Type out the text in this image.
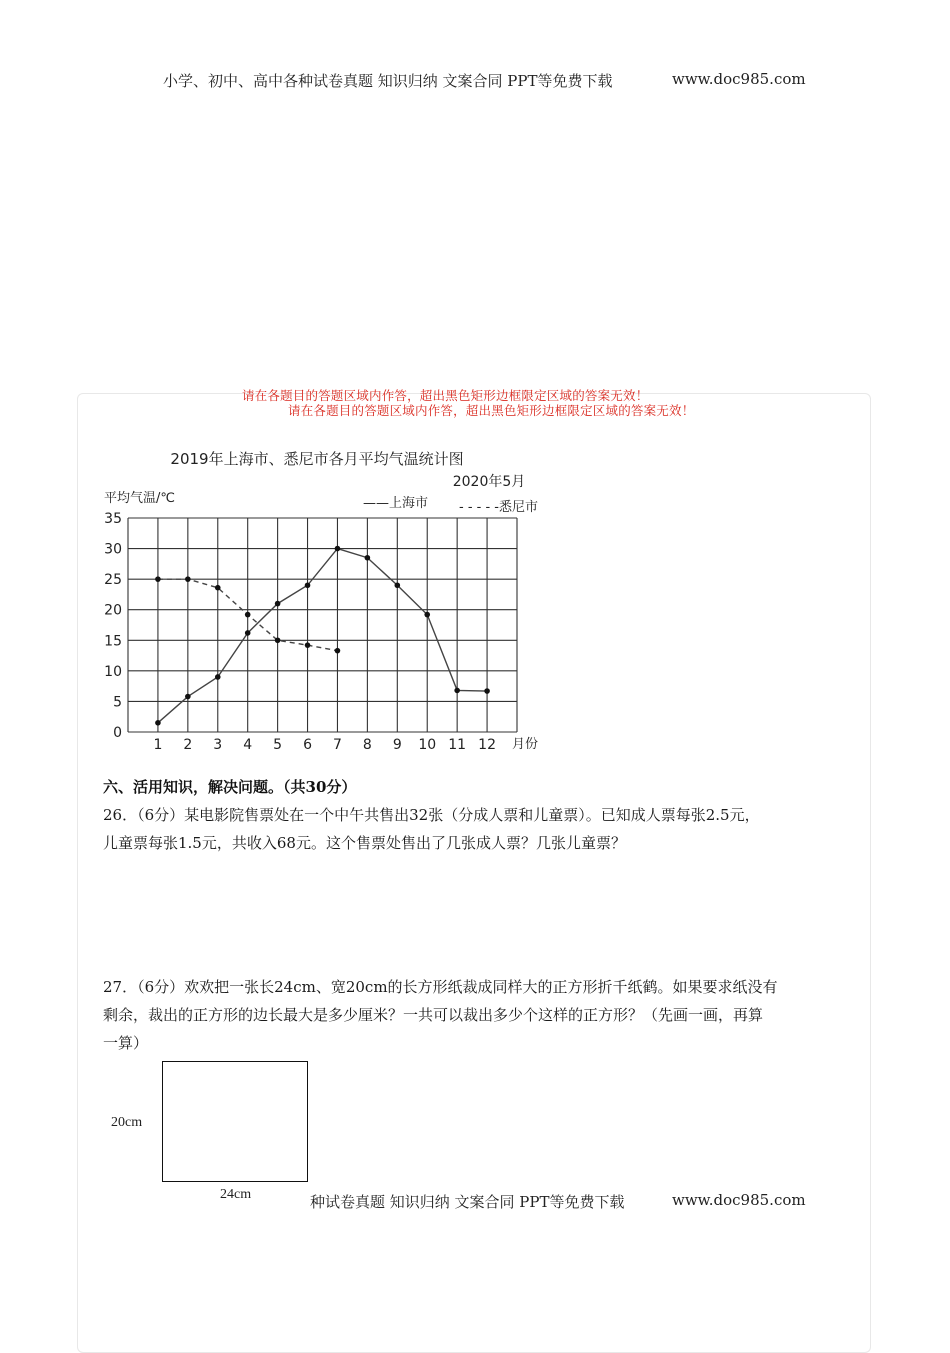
小学、初中、高中各种试卷真题 知识归纳 文案合同 PPT等免费下载	www.doc985.com
请在各题目的答题区域内作答，超出黑色矩形边框限定区域的答案无效！
请在各题目的答题区域内作答，超出黑色矩形边框限定区域的答案无效！
2019年上海市、悉尼市各月平均气温统计图
2020年5月
平均气温/℃	——上海市 - - - - -悉尼市
月份
0
5
10
15
20
25
30
35
1 2 3 4 5 6 7 8 9 10 11 12
六、活用知识，解决问题。（共30分）
26．（6分）某电影院售票处在一个中午共售出32张（分成人票和儿童票）。已知成人票每张2.5元，
儿童票每张1.5元，共收入68元。这个售票处售出了几张成人票？几张儿童票？
27．（6分）欢欢把一张长24cm、宽20cm的长方形纸裁成同样大的正方形折千纸鹤。如果要求纸没有
剩余，裁出的正方形的边长最大是多少厘米？一共可以裁出多少个这样的正方形？（先画一画，再算
一算）
20cm
24cm	种试卷真题 知识归纳 文案合同 PPT等免费下载	www.doc985.com
